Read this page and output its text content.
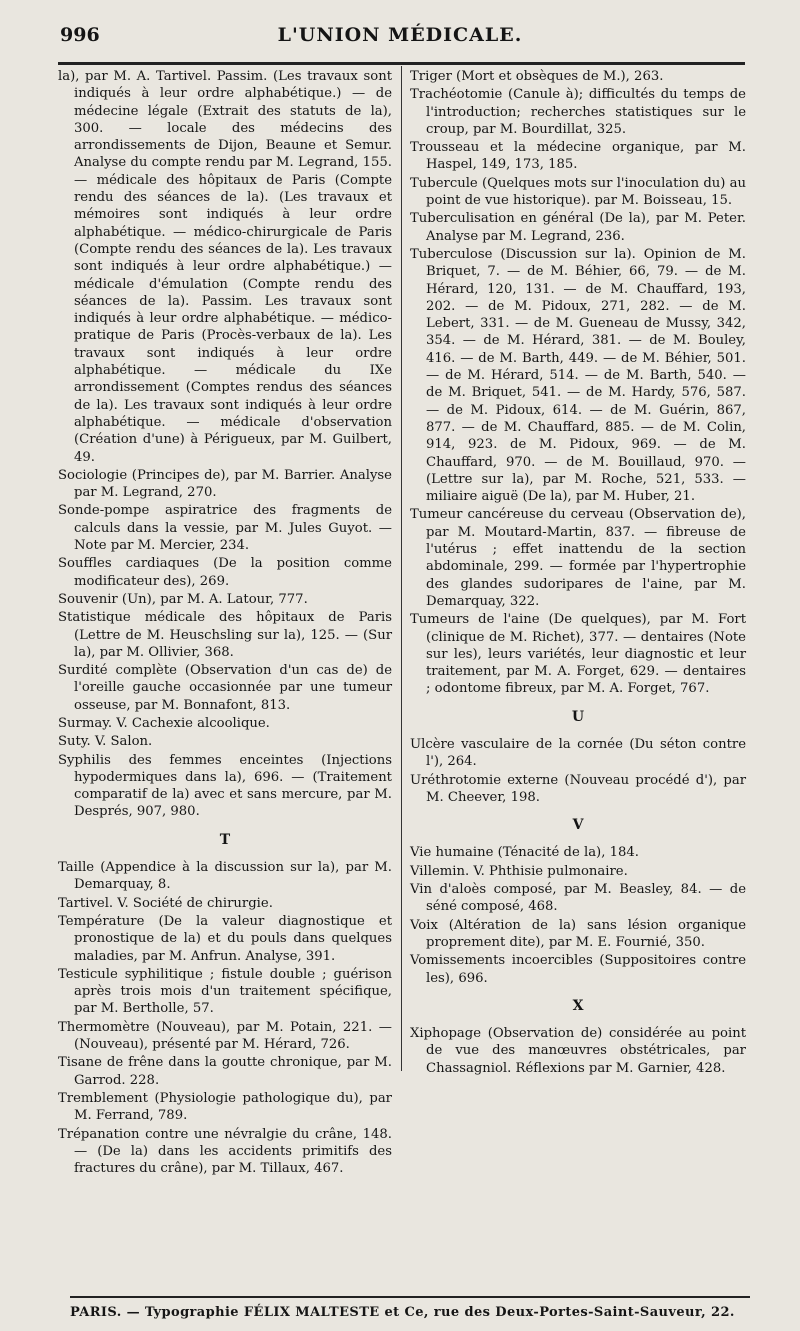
996	L'UNION MÉDICALE.
la), par M. A. Tartivel. Passim. (Les travaux sont indiqués à leur ordre alphabétique.) — de médecine légale (Extrait des statuts de la), 300. — locale des médecins des arrondissements de Dijon, Beaune et Semur. Analyse du compte rendu par M. Legrand, 155. — médicale des hôpitaux de Paris (Compte rendu des séances de la). (Les travaux et mémoires sont indiqués à leur ordre alphabétique. — médico-chirurgicale de Paris (Compte rendu des séances de la). Les travaux sont indiqués à leur ordre alphabétique.) — médicale d'émulation (Compte rendu des séances de la). Passim. Les travaux sont indiqués à leur ordre alphabétique. — médico-pratique de Paris (Procès-verbaux de la). Les travaux sont indiqués à leur ordre alphabétique. — médicale du IXe arrondissement (Comptes rendus des séances de la). Les travaux sont indiqués à leur ordre alphabétique. — médicale d'observation (Création d'une) à Périgueux, par M. Guilbert, 49.
Sociologie (Principes de), par M. Barrier. Analyse par M. Legrand, 270.
Sonde-pompe aspiratrice des fragments de calculs dans la vessie, par M. Jules Guyot. — Note par M. Mercier, 234.
Souffles cardiaques (De la position comme modificateur des), 269.
Souvenir (Un), par M. A. Latour, 777.
Statistique médicale des hôpitaux de Paris (Lettre de M. Heuschsling sur la), 125. — (Sur la), par M. Ollivier, 368.
Surdité complète (Observation d'un cas de) de l'oreille gauche occasionnée par une tumeur osseuse, par M. Bonnafont, 813.
Surmay. V. Cachexie alcoolique.
Suty. V. Salon.
Syphilis des femmes enceintes (Injections hypodermiques dans la), 696. — (Traitement comparatif de la) avec et sans mercure, par M. Després, 907, 980.
T
Taille (Appendice à la discussion sur la), par M. Demarquay, 8.
Tartivel. V. Société de chirurgie.
Température (De la valeur diagnostique et pronostique de la) et du pouls dans quelques maladies, par M. Anfrun. Analyse, 391.
Testicule syphilitique ; fistule double ; guérison après trois mois d'un traitement spécifique, par M. Bertholle, 57.
Thermomètre (Nouveau), par M. Potain, 221. — (Nouveau), présenté par M. Hérard, 726.
Tisane de frêne dans la goutte chronique, par M. Garrod. 228.
Tremblement (Physiologie pathologique du), par M. Ferrand, 789.
Trépanation contre une névralgie du crâne, 148. — (De la) dans les accidents primitifs des fractures du crâne), par M. Tillaux, 467.
Triger (Mort et obsèques de M.), 263.
Trachéotomie (Canule à); difficultés du temps de l'introduction; recherches statistiques sur le croup, par M. Bourdillat, 325.
Trousseau et la médecine organique, par M. Haspel, 149, 173, 185.
Tubercule (Quelques mots sur l'inoculation du) au point de vue historique). par M. Boisseau, 15.
Tuberculisation en général (De la), par M. Peter. Analyse par M. Legrand, 236.
Tuberculose (Discussion sur la). Opinion de M. Briquet, 7. — de M. Béhier, 66, 79. — de M. Hérard, 120, 131. — de M. Chauffard, 193, 202. — de M. Pidoux, 271, 282. — de M. Lebert, 331. — de M. Gueneau de Mussy, 342, 354. — de M. Hérard, 381. — de M. Bouley, 416. — de M. Barth, 449. — de M. Béhier, 501. — de M. Hérard, 514. — de M. Barth, 540. — de M. Briquet, 541. — de M. Hardy, 576, 587. — de M. Pidoux, 614. — de M. Guérin, 867, 877. — de M. Chauffard, 885. — de M. Colin, 914, 923. de M. Pidoux, 969. — de M. Chauffard, 970. — de M. Bouillaud, 970. — (Lettre sur la), par M. Roche, 521, 533. — miliaire aiguë (De la), par M. Huber, 21.
Tumeur cancéreuse du cerveau (Observation de), par M. Moutard-Martin, 837. — fibreuse de l'utérus ; effet inattendu de la section abdominale, 299. — formée par l'hypertrophie des glandes sudoripares de l'aine, par M. Demarquay, 322.
Tumeurs de l'aine (De quelques), par M. Fort (clinique de M. Richet), 377. — dentaires (Note sur les), leurs variétés, leur diagnostic et leur traitement, par M. A. Forget, 629. — dentaires ; odontome fibreux, par M. A. Forget, 767.
U
Ulcère vasculaire de la cornée (Du séton contre l'), 264.
Uréthrotomie externe (Nouveau procédé d'), par M. Cheever, 198.
V
Vie humaine (Ténacité de la), 184.
Villemin. V. Phthisie pulmonaire.
Vin d'aloès composé, par M. Beasley, 84. — de séné composé, 468.
Voix (Altération de la) sans lésion organique proprement dite), par M. E. Fournié, 350.
Vomissements incoercibles (Suppositoires contre les), 696.
X
Xiphopage (Observation de) considérée au point de vue des manœuvres obstétricales, par Chassagniol. Réflexions par M. Garnier, 428.
PARIS. — Typographie FÉLIX MALTESTE et Ce, rue des Deux-Portes-Saint-Sauveur, 22.
